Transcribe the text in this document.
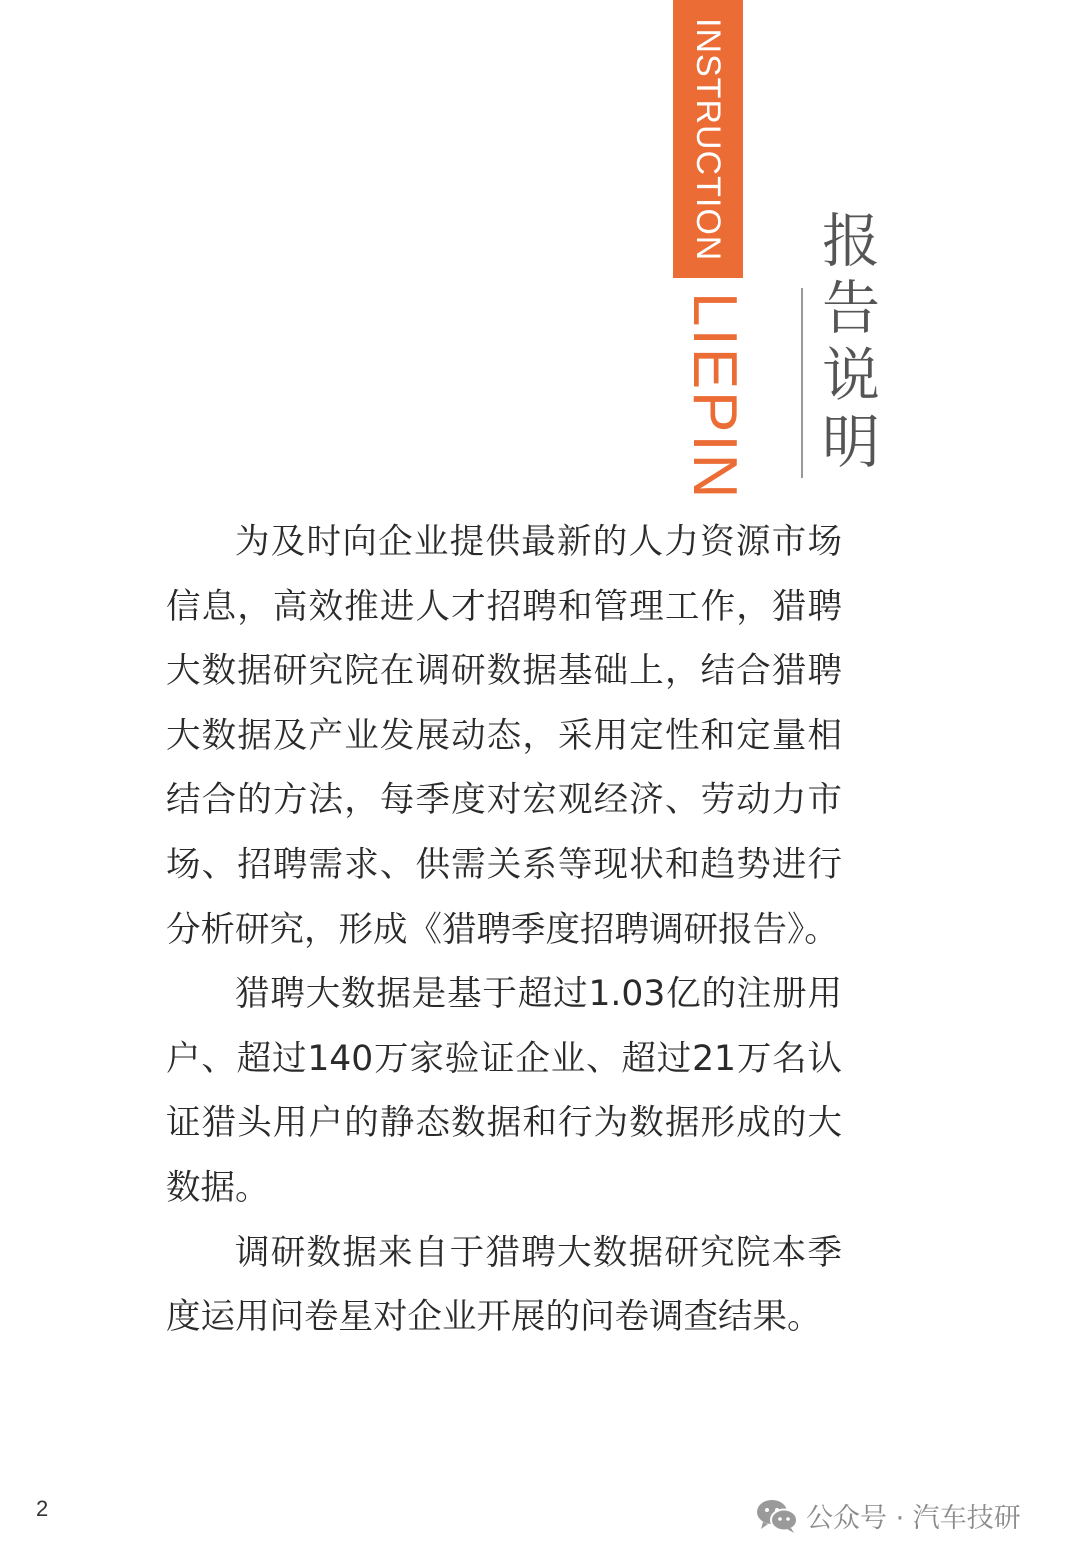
INSTRUCTION
LIEPIN 报告说明

为及时向企业提供最新的人力资源市场信息，高效推进人才招聘和管理工作，猎聘大数据研究院在调研数据基础上，结合猎聘大数据及产业发展动态，采用定性和定量相结合的方法，每季度对宏观经济、劳动力市场、招聘需求、供需关系等现状和趋势进行分析研究，形成《猎聘季度招聘调研报告》。

猎聘大数据是基于超过1.03亿的注册用户、超过140万家验证企业、超过21万名认证猎头用户的静态数据和行为数据形成的大数据。

调研数据来自于猎聘大数据研究院本季度运用问卷星对企业开展的问卷调查结果。

2	公众号 · 汽车技研
